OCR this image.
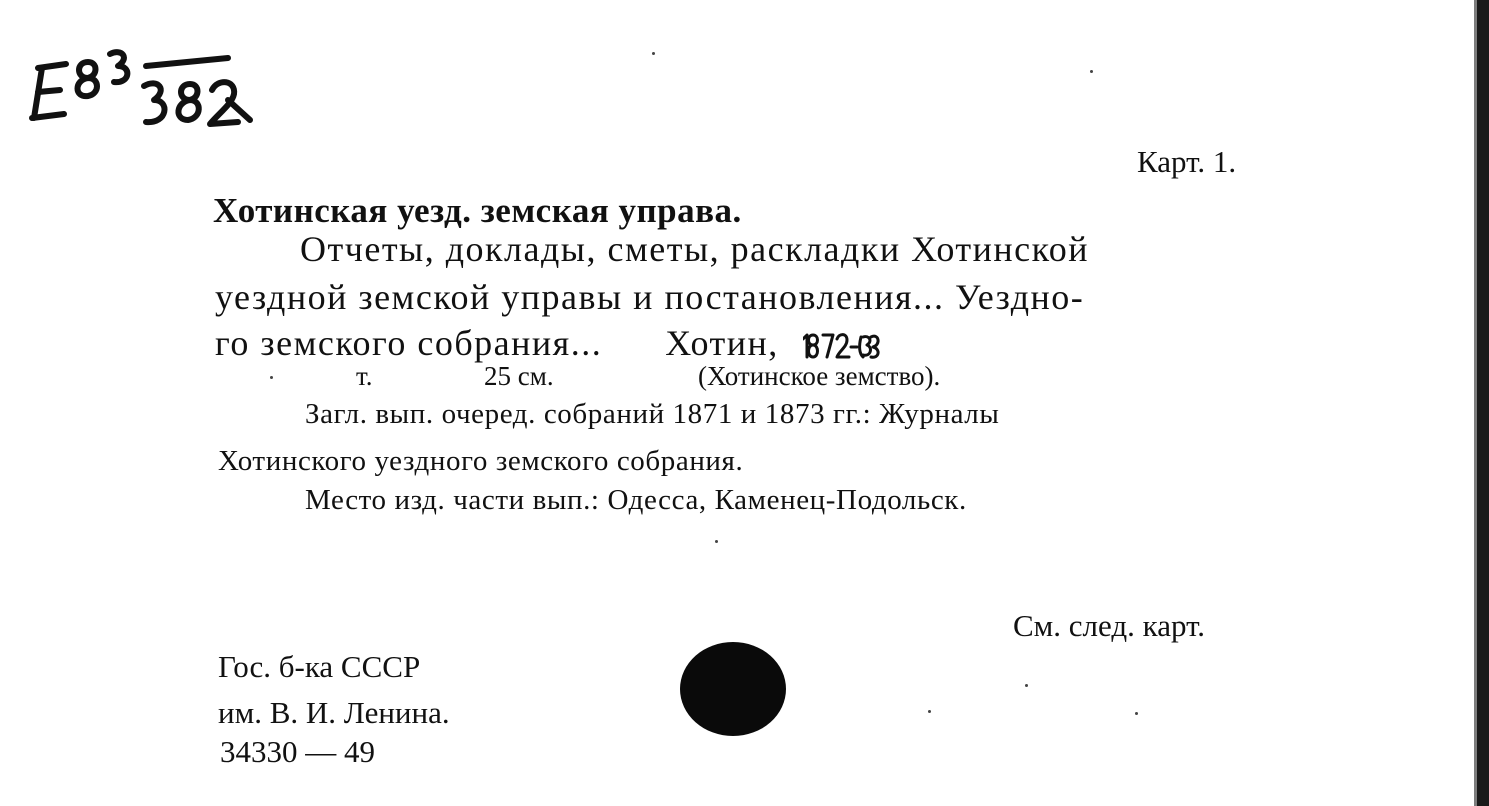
Карт. 1.
Хотинская уезд. земская управа.
Отчеты, доклады, сметы, раскладки Хотинской
уездной земской управы и постановления... Уездно-
го земского собрания...      Хотин,
т.	25 см.	(Хотинское земство).
Загл. вып. очеред. собраний 1871 и 1873 гг.: Журналы
Хотинского уездного земского собрания.
Место изд. части вып.: Одесса, Каменец-Подольск.
См. след. карт.
Гос. б-ка СССР
им. В. И. Ленина.
34330 — 49
